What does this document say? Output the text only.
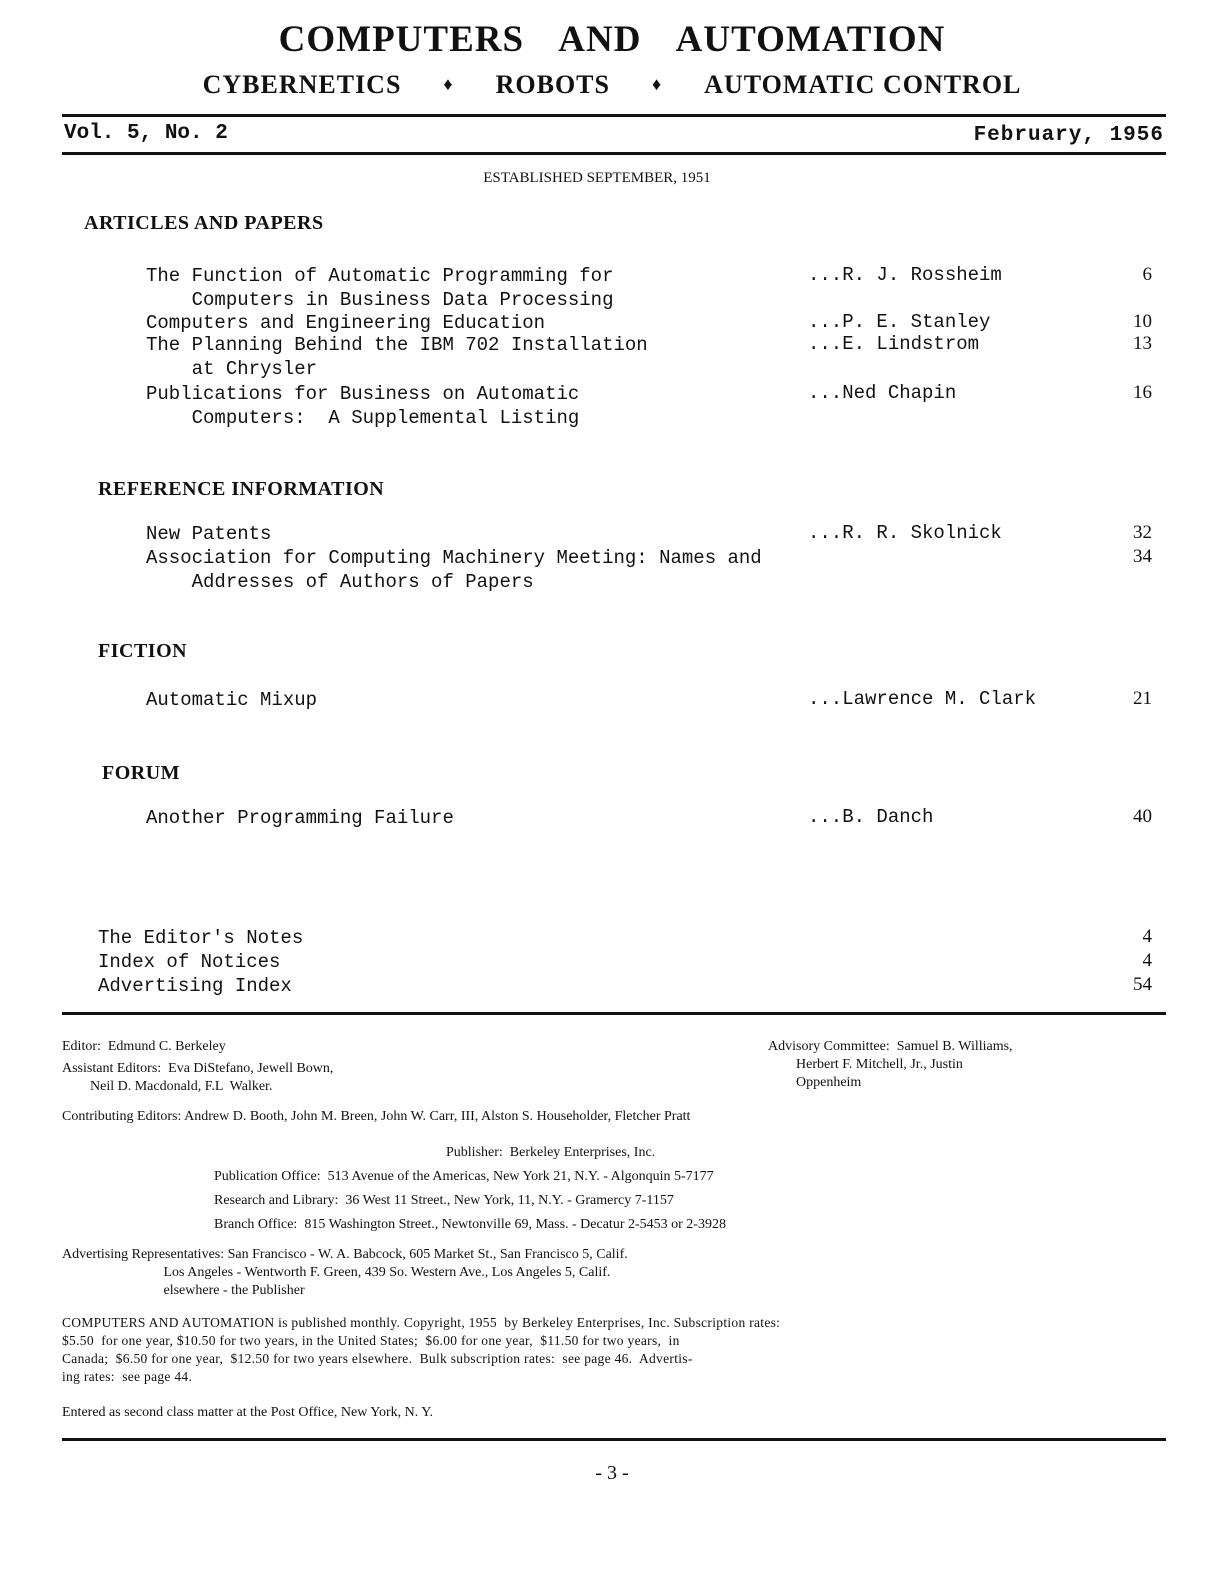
COMPUTERS AND AUTOMATION
CYBERNETICS ♦ ROBOTS ♦ AUTOMATIC CONTROL
Vol. 5, No. 2	February, 1956
ESTABLISHED SEPTEMBER, 1951
ARTICLES AND PAPERS
The Function of Automatic Programming for
Computers in Business Data Processing
...R. J. Rossheim	6
Computers and Engineering Education	...P. E. Stanley	10
The Planning Behind the IBM 702 Installation
at Chrysler
...E. Lindstrom	13
Publications for Business on Automatic
Computers:  A Supplemental Listing
...Ned Chapin	16
REFERENCE INFORMATION
New Patents	...R. R. Skolnick	32
Association for Computing Machinery Meeting: Names and
Addresses of Authors of Papers
34
FICTION
Automatic Mixup	...Lawrence M. Clark	21
FORUM
Another Programming Failure	...B. Danch	40
The Editor's Notes	4
Index of Notices	4
Advertising Index	54
Editor:  Edmund C. Berkeley
Assistant Editors:  Eva DiStefano, Jewell Bown,
Neil D. Macdonald, F.L  Walker.
Advisory Committee:  Samuel B. Williams,
Herbert F. Mitchell, Jr., Justin
Oppenheim
Contributing Editors: Andrew D. Booth, John M. Breen, John W. Carr, III, Alston S. Householder, Fletcher Pratt
Publisher:  Berkeley Enterprises, Inc.
Publication Office:  513 Avenue of the Americas, New York 21, N.Y. - Algonquin 5-7177
Research and Library:  36 West 11 Street., New York, 11, N.Y. - Gramercy 7-1157
Branch Office:  815 Washington Street., Newtonville 69, Mass. - Decatur 2-5453 or 2-3928
Advertising Representatives: San Francisco - W. A. Babcock, 605 Market St., San Francisco 5, Calif.
Los Angeles - Wentworth F. Green, 439 So. Western Ave., Los Angeles 5, Calif.
elsewhere - the Publisher
COMPUTERS AND AUTOMATION is published monthly. Copyright, 1955  by Berkeley Enterprises, Inc. Subscription rates:
$5.50  for one year, $10.50 for two years, in the United States;  $6.00 for one year,  $11.50 for two years,  in
Canada;  $6.50 for one year,  $12.50 for two years elsewhere.  Bulk subscription rates:  see page 46.  Advertis-
ing rates:  see page 44.
Entered as second class matter at the Post Office, New York, N. Y.
- 3 -
